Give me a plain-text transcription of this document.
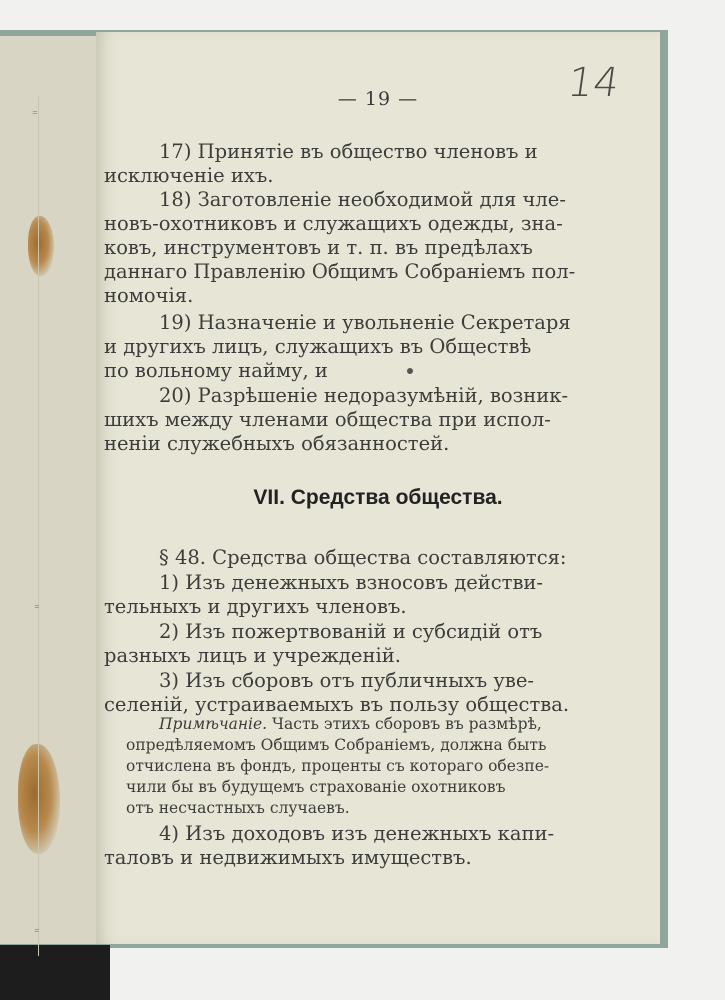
⁼
⁼
⁼
— 19 —	14
17) Принятіе въ общество членовъ и
исключеніе ихъ.
18) Заготовленіе необходимой для чле-
новъ-охотниковъ и служащихъ одежды, зна-
ковъ, инструментовъ и т. п. въ предѣлахъ
даннаго Правленію Общимъ Собраніемъ пол-
номочія.
19) Назначеніе и увольненіе Секретаря
и другихъ лицъ, служащихъ въ Обществѣ
по вольному найму, и
20) Разрѣшеніе недоразумѣній, возник-
шихъ между членами общества при испол-
неніи служебныхъ обязанностей.
VII. Средства общества.
§ 48. Средства общества составляются:
1) Изъ денежныхъ взносовъ действи-
тельныхъ и другихъ членовъ.
2) Изъ пожертвованій и субсидій отъ
разныхъ лицъ и учрежденій.
3) Изъ сборовъ отъ публичныхъ уве-
селеній, устраиваемыхъ въ пользу общества.
Примѣчаніе. Часть этихъ сборовъ въ размѣрѣ,
опредѣляемомъ Общимъ Собраніемъ, должна быть
отчислена въ фондъ, проценты съ котораго обезпе-
чили бы въ будущемъ страхованіе охотниковъ
отъ несчастныхъ случаевъ.
4) Изъ доходовъ изъ денежныхъ капи-
таловъ и недвижимыхъ имуществъ.
